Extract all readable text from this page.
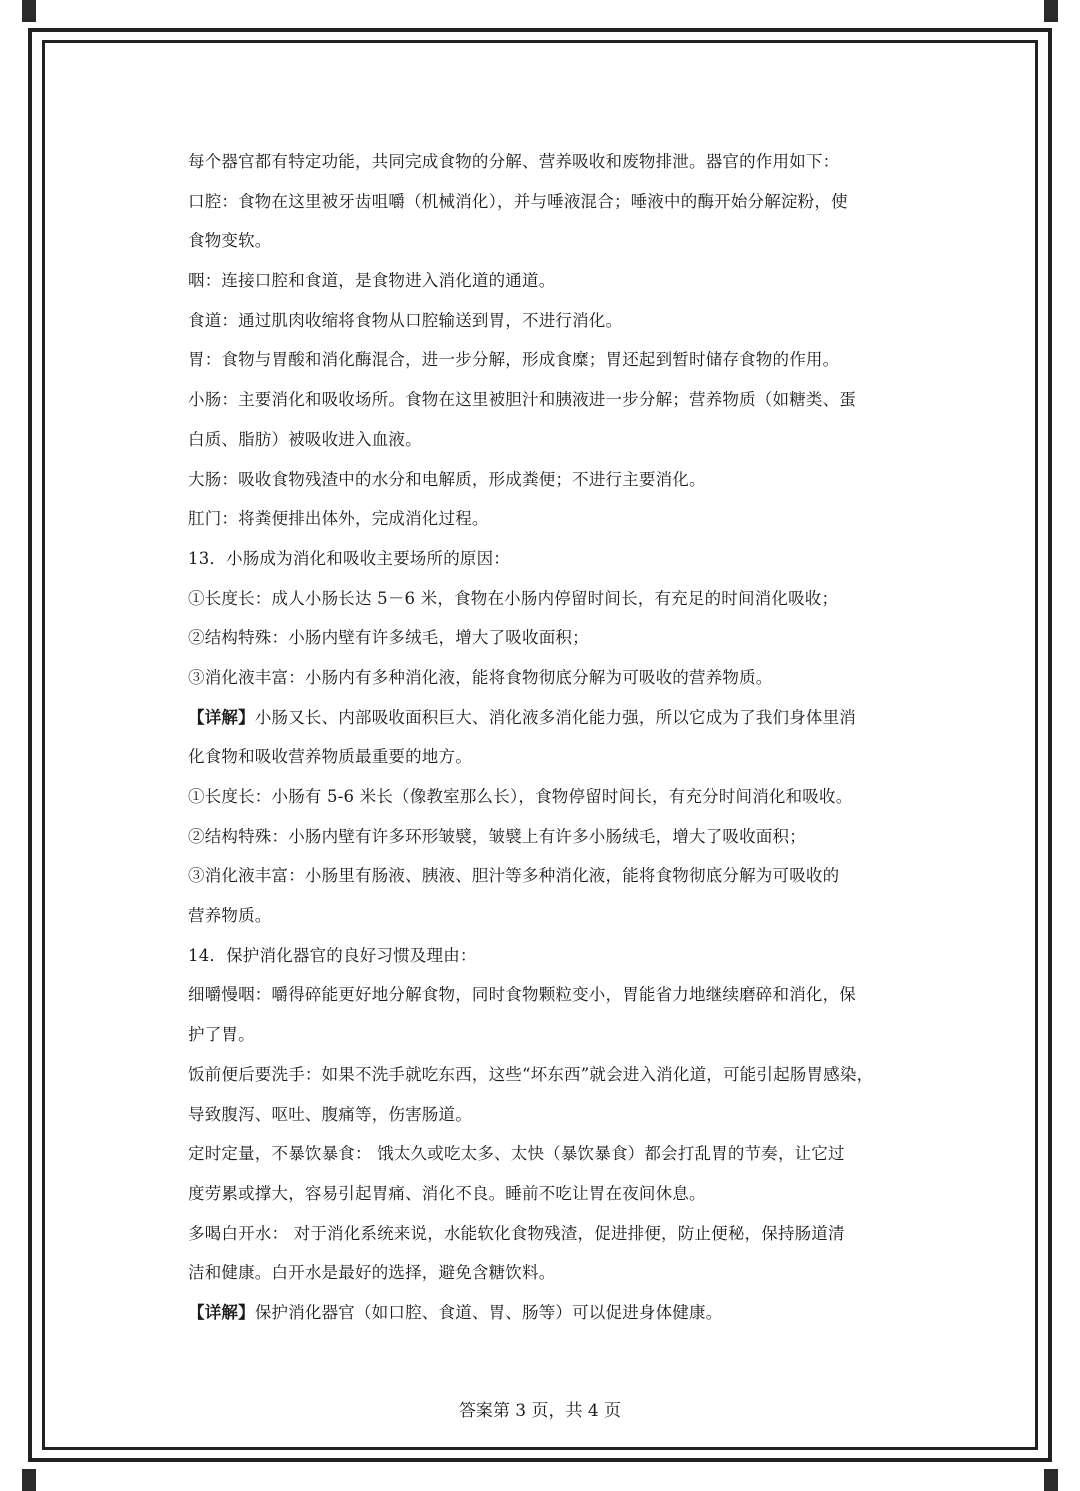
每个器官都有特定功能，共同完成食物的分解、营养吸收和废物排泄。器官的作用如下：
口腔：食物在这里被牙齿咀嚼（机械消化），并与唾液混合；唾液中的酶开始分解淀粉，使
食物变软。
咽：连接口腔和食道，是食物进入消化道的通道。
食道：通过肌肉收缩将食物从口腔输送到胃，不进行消化。
胃：食物与胃酸和消化酶混合，进一步分解，形成食糜；胃还起到暂时储存食物的作用。
小肠：主要消化和吸收场所。食物在这里被胆汁和胰液进一步分解；营养物质（如糖类、蛋
白质、脂肪）被吸收进入血液。
大肠：吸收食物残渣中的水分和电解质，形成粪便；不进行主要消化。
肛门：将粪便排出体外，完成消化过程。
13．小肠成为消化和吸收主要场所的原因：
①长度长：成人小肠长达 5－6 米，食物在小肠内停留时间长，有充足的时间消化吸收；
②结构特殊：小肠内壁有许多绒毛，增大了吸收面积；
③消化液丰富：小肠内有多种消化液，能将食物彻底分解为可吸收的营养物质。
【详解】小肠又长、内部吸收面积巨大、消化液多消化能力强，所以它成为了我们身体里消
化食物和吸收营养物质最重要的地方。
①长度长：小肠有 5-6 米长（像教室那么长），食物停留时间长，有充分时间消化和吸收。
②结构特殊：小肠内壁有许多环形皱襞，皱襞上有许多小肠绒毛，增大了吸收面积；
③消化液丰富：小肠里有肠液、胰液、胆汁等多种消化液，能将食物彻底分解为可吸收的
营养物质。
14．保护消化器官的良好习惯及理由：
细嚼慢咽：嚼得碎能更好地分解食物，同时食物颗粒变小，胃能省力地继续磨碎和消化，保
护了胃。
饭前便后要洗手：如果不洗手就吃东西，这些“坏东西”就会进入消化道，可能引起肠胃感染，
导致腹泻、呕吐、腹痛等，伤害肠道。
定时定量，不暴饮暴食： 饿太久或吃太多、太快（暴饮暴食）都会打乱胃的节奏，让它过
度劳累或撑大，容易引起胃痛、消化不良。睡前不吃让胃在夜间休息。
多喝白开水： 对于消化系统来说，水能软化食物残渣，促进排便，防止便秘，保持肠道清
洁和健康。白开水是最好的选择，避免含糖饮料。
【详解】保护消化器官（如口腔、食道、胃、肠等）可以促进身体健康。
答案第 3 页，共 4 页
